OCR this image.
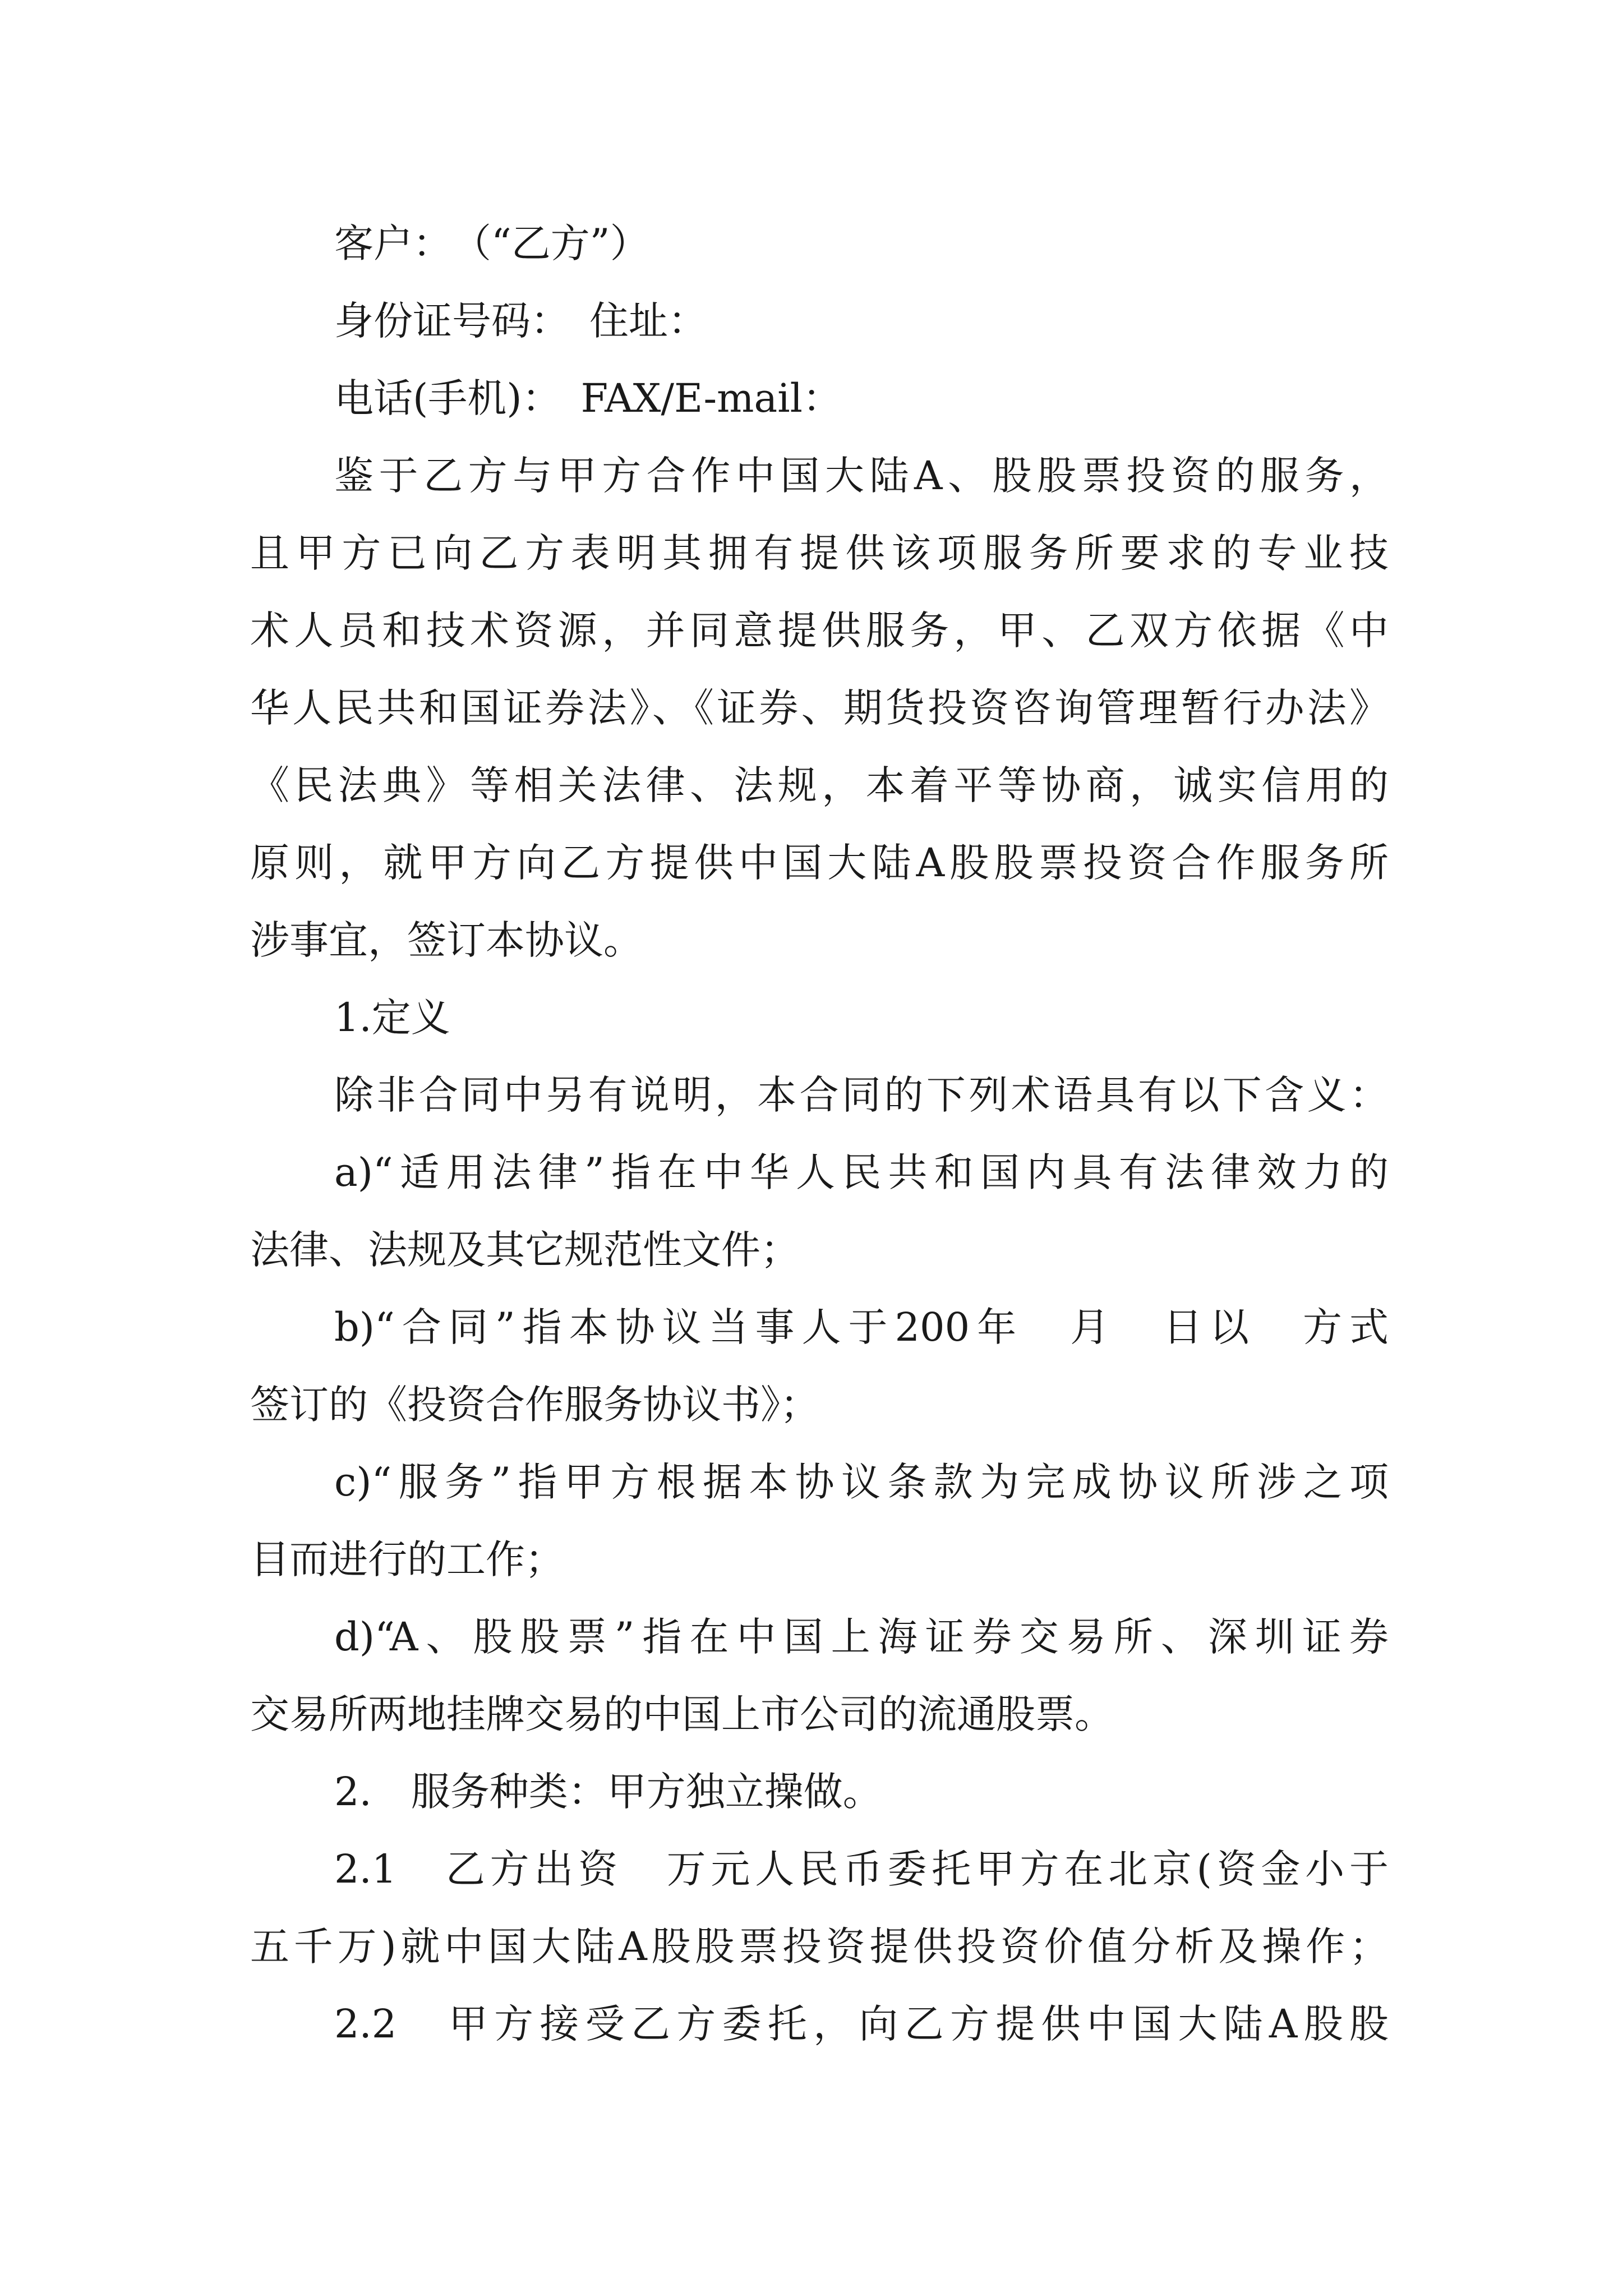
客户：　（“乙方”）
身份证号码：　住址：
电话(手机)：　FAX/E-mail：
鉴于乙方与甲方合作中国大陆A、股股票投资的服务，
且甲方已向乙方表明其拥有提供该项服务所要求的专业技
术人员和技术资源，并同意提供服务，甲、乙双方依据《中
华人民共和国证券法》、《证券、期货投资咨询管理暂行办法》
《民法典》等相关法律、法规，本着平等协商，诚实信用的
原则，就甲方向乙方提供中国大陆A股股票投资合作服务所
涉事宜，签订本协议。
1.定义
除非合同中另有说明，本合同的下列术语具有以下含义：
a)“适用法律”指在中华人民共和国内具有法律效力的
法律、法规及其它规范性文件；
b)“合同”指本协议当事人于200年　月　日以　方式
签订的《投资合作服务协议书》；
c)“服务”指甲方根据本协议条款为完成协议所涉之项
目而进行的工作；
d)“A、股股票”指在中国上海证券交易所、深圳证券
交易所两地挂牌交易的中国上市公司的流通股票。
2.　服务种类：甲方独立操做。
2.1　乙方出资　万元人民币委托甲方在北京(资金小于
五千万)就中国大陆A股股票投资提供投资价值分析及操作；
2.2　甲方接受乙方委托，向乙方提供中国大陆A股股
